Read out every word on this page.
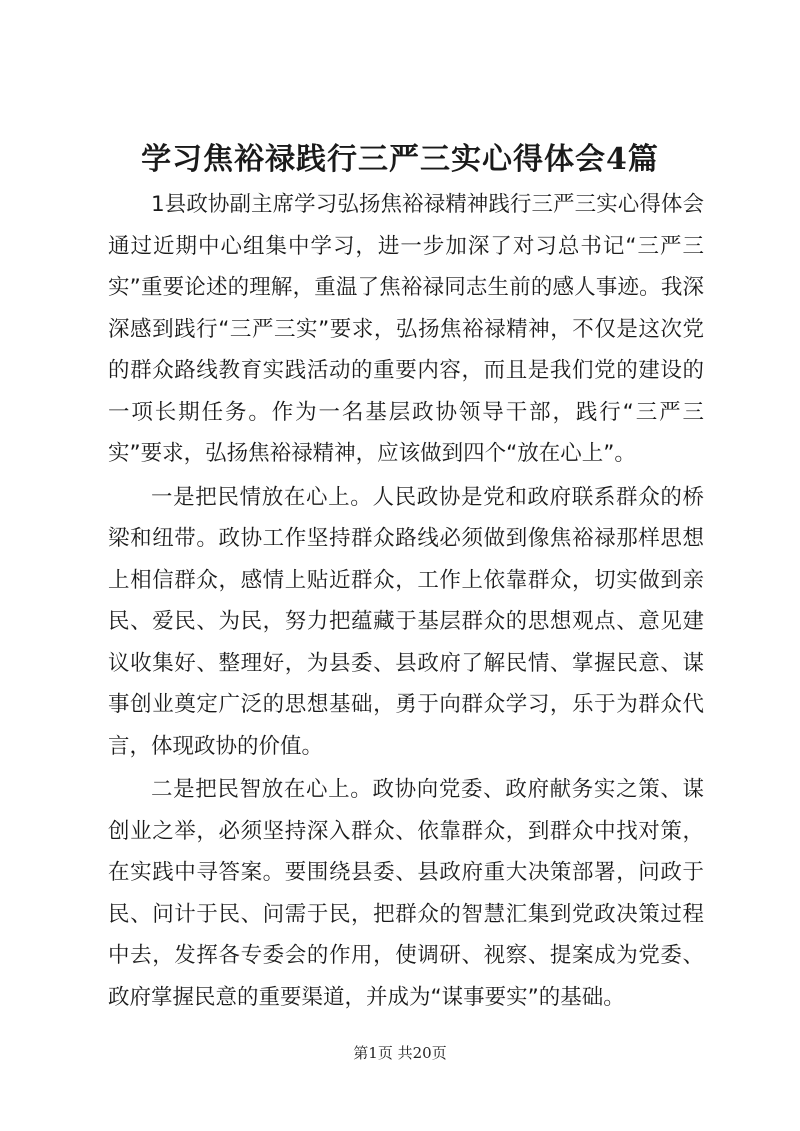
学习焦裕禄践行三严三实心得体会4篇

1县政协副主席学习弘扬焦裕禄精神践行三严三实心得体会通过近期中心组集中学习，进一步加深了对习总书记“三严三实”重要论述的理解，重温了焦裕禄同志生前的感人事迹。我深深感到践行“三严三实”要求，弘扬焦裕禄精神，不仅是这次党的群众路线教育实践活动的重要内容，而且是我们党的建设的一项长期任务。作为一名基层政协领导干部，践行“三严三实”要求，弘扬焦裕禄精神，应该做到四个“放在心上”。

一是把民情放在心上。人民政协是党和政府联系群众的桥梁和纽带。政协工作坚持群众路线必须做到像焦裕禄那样思想上相信群众，感情上贴近群众，工作上依靠群众，切实做到亲民、爱民、为民，努力把蕴藏于基层群众的思想观点、意见建议收集好、整理好，为县委、县政府了解民情、掌握民意、谋事创业奠定广泛的思想基础，勇于向群众学习，乐于为群众代言，体现政协的价值。

二是把民智放在心上。政协向党委、政府献务实之策、谋创业之举，必须坚持深入群众、依靠群众，到群众中找对策，在实践中寻答案。要围绕县委、县政府重大决策部署，问政于民、问计于民、问需于民，把群众的智慧汇集到党政决策过程中去，发挥各专委会的作用，使调研、视察、提案成为党委、政府掌握民意的重要渠道，并成为“谋事要实”的基础。

第1页 共20页
